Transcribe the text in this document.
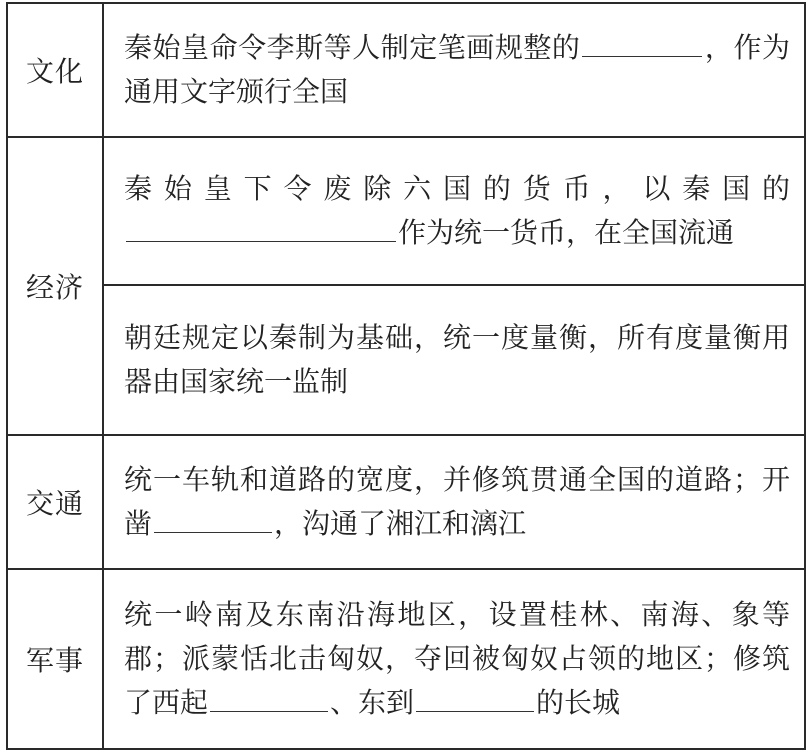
文化	秦始皇命令李斯等人制定笔画规整的 ，作为通用文字颁行全国
经济	秦始皇下令废除六国的货币，以秦国的作为统一货币，在全国流通
	朝廷规定以秦制为基础，统一度量衡，所有度量衡用器由国家统一监制
交通	统一车轨和道路的宽度，并修筑贯通全国的道路；开凿 ，沟通了湘江和漓江
军事	统一岭南及东南沿海地区，设置桂林、南海、象等郡；派蒙恬北击匈奴，夺回被匈奴占领的地区；修筑了西起 、东到 的长城
